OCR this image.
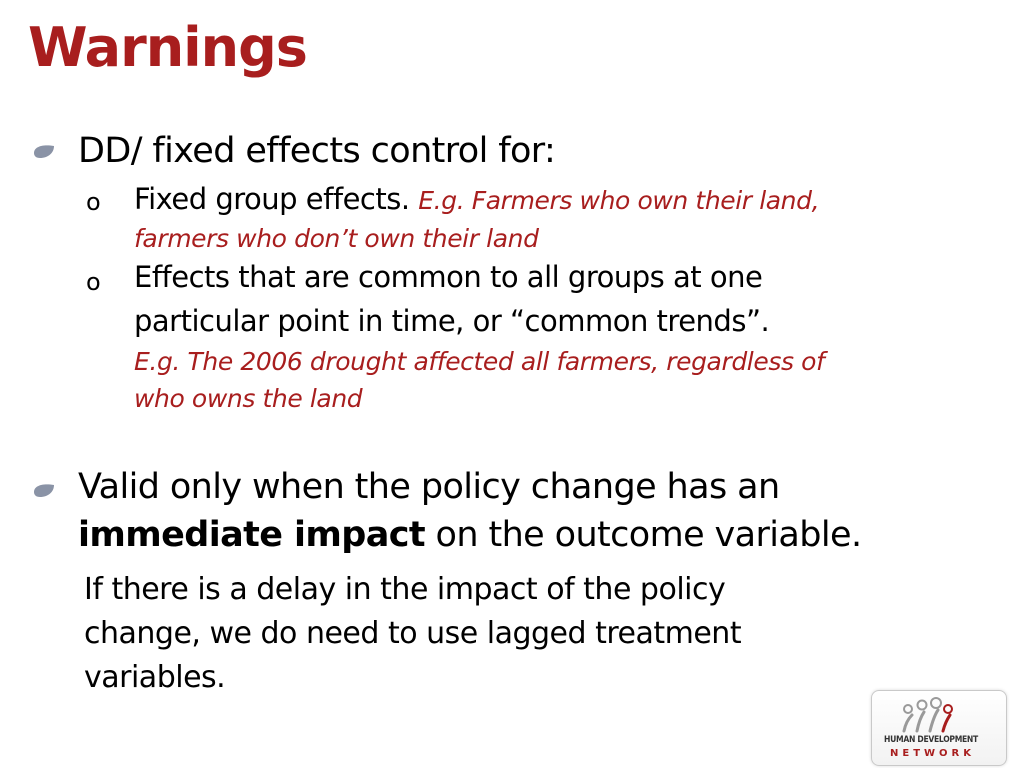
Warnings
DD/ fixed effects control for:
o Fixed group effects. E.g. Farmers who own their land,
farmers who don’t own their land
o Effects that are common to all groups at one
particular point in time, or “common trends”.
E.g. The 2006 drought affected all farmers, regardless of
who owns the land
Valid only when the policy change has an
immediate impact on the outcome variable.
If there is a delay in the impact of the policy
change, we do need to use lagged treatment
variables.
HUMAN DEVELOPMENT
NETWORK
